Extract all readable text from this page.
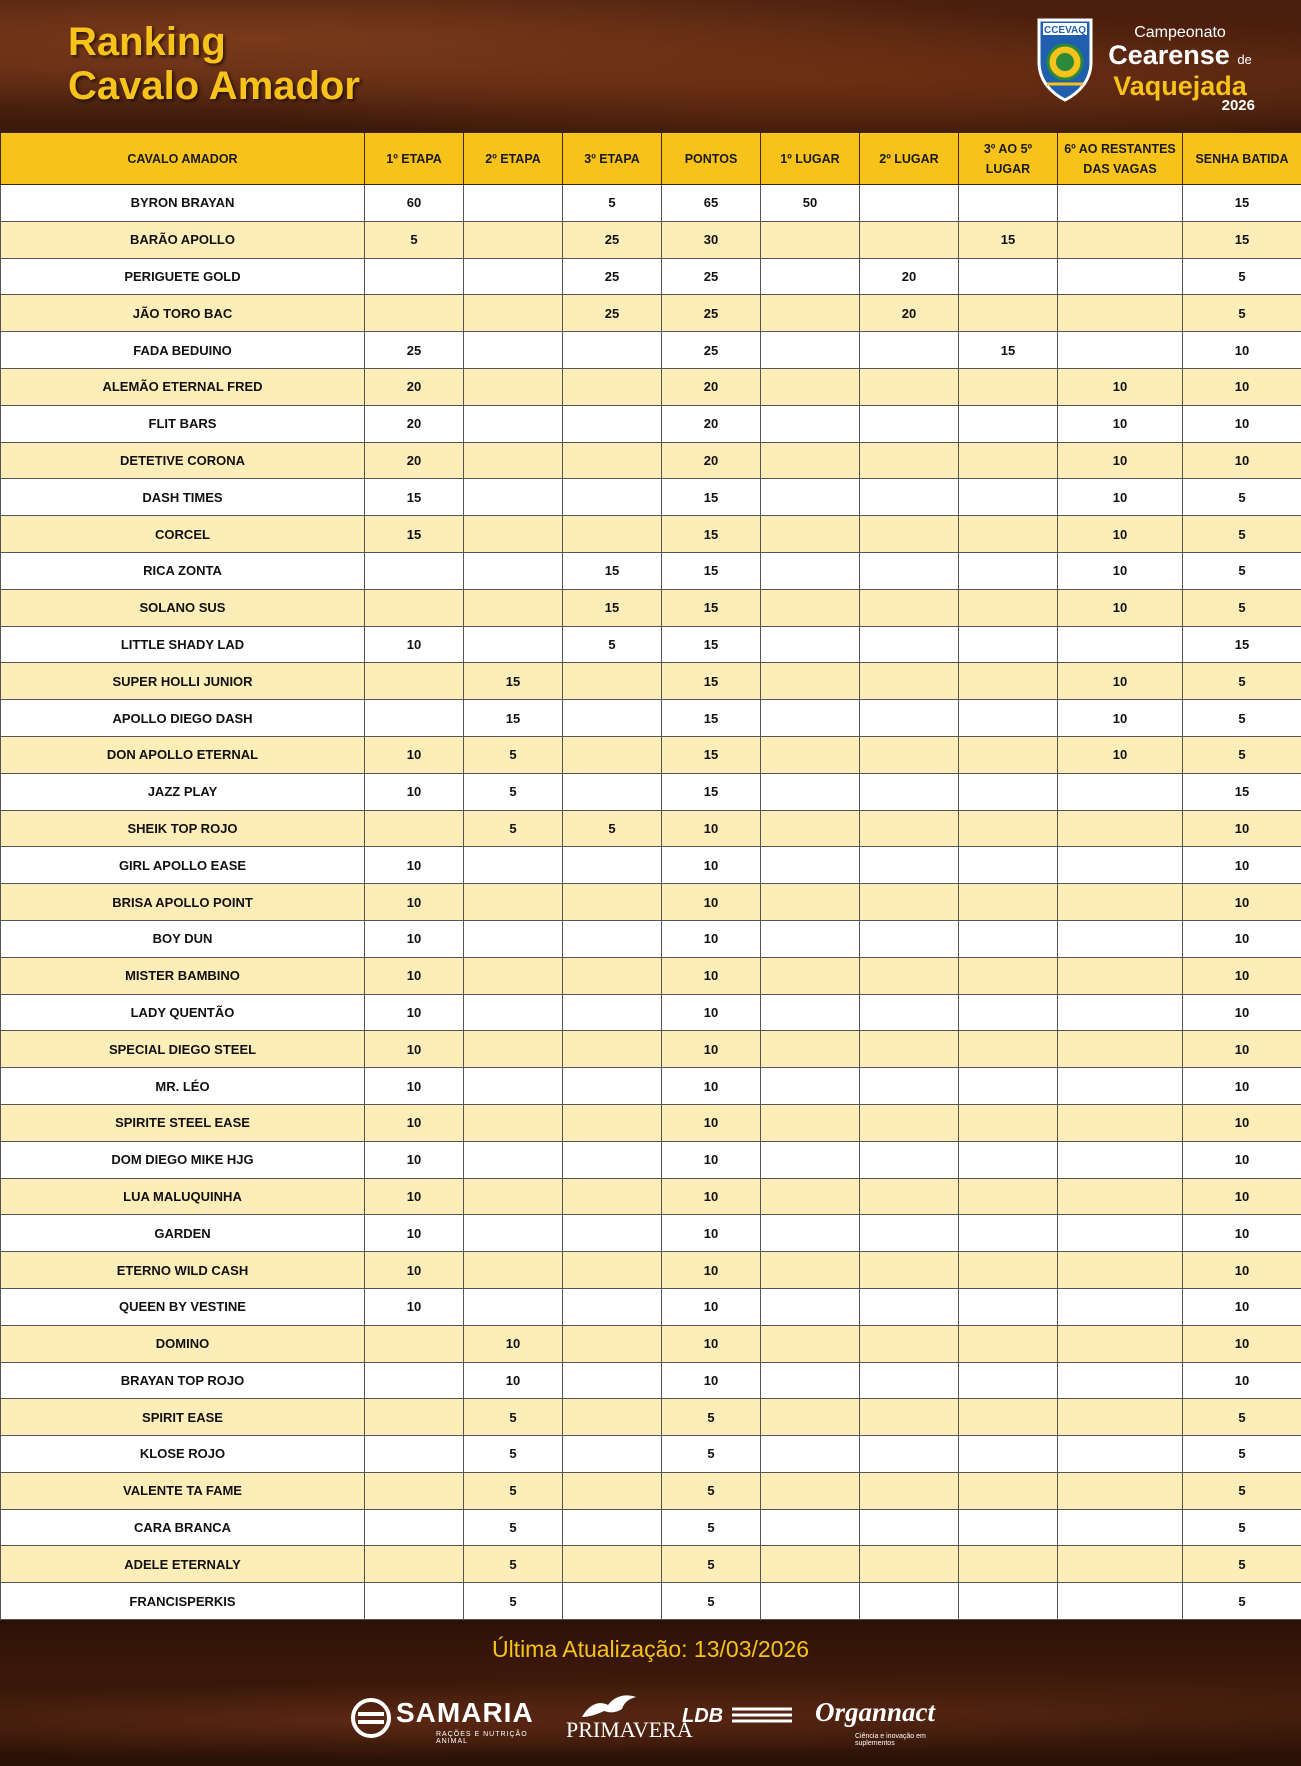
Ranking
Cavalo Amador
CCEVAQ	Campeonato
Cearense de
Vaquejada
2026
CAVALO AMADOR	1º ETAPA	2º ETAPA	3º ETAPA	PONTOS	1º LUGAR	2º LUGAR	3º AO 5º LUGAR	6º AO RESTANTES DAS VAGAS	SENHA BATIDA
BYRON BRAYAN	60		5	65	50				15
BARÃO APOLLO	5		25	30			15		15
PERIGUETE GOLD			25	25		20			5
JÃO TORO BAC			25	25		20			5
FADA BEDUINO	25			25			15		10
ALEMÃO ETERNAL FRED	20			20				10	10
FLIT BARS	20			20				10	10
DETETIVE CORONA	20			20				10	10
DASH TIMES	15			15				10	5
CORCEL	15			15				10	5
RICA ZONTA			15	15				10	5
SOLANO SUS			15	15				10	5
LITTLE SHADY LAD	10		5	15					15
SUPER HOLLI JUNIOR		15		15				10	5
APOLLO DIEGO DASH		15		15				10	5
DON APOLLO ETERNAL	10	5		15				10	5
JAZZ PLAY	10	5		15					15
SHEIK TOP ROJO		5	5	10					10
GIRL APOLLO EASE	10			10					10
BRISA APOLLO POINT	10			10					10
BOY DUN	10			10					10
MISTER BAMBINO	10			10					10
LADY QUENTÃO	10			10					10
SPECIAL DIEGO STEEL	10			10					10
MR. LÉO	10			10					10
SPIRITE STEEL EASE	10			10					10
DOM DIEGO MIKE HJG	10			10					10
LUA MALUQUINHA	10			10					10
GARDEN	10			10					10
ETERNO WILD CASH	10			10					10
QUEEN BY VESTINE	10			10					10
DOMINO		10		10					10
BRAYAN TOP ROJO		10		10					10
SPIRIT EASE		5		5					5
KLOSE ROJO		5		5					5
VALENTE TA FAME		5		5					5
CARA BRANCA		5		5					5
ADELE ETERNALY		5		5					5
FRANCISPERKIS		5		5					5
Última Atualização: 13/03/2026
SAMARIA
RAÇÕES E NUTRIÇÃO ANIMAL	PRIMAVERA
LDB	Organnact
Ciência e inovação em suplementos
